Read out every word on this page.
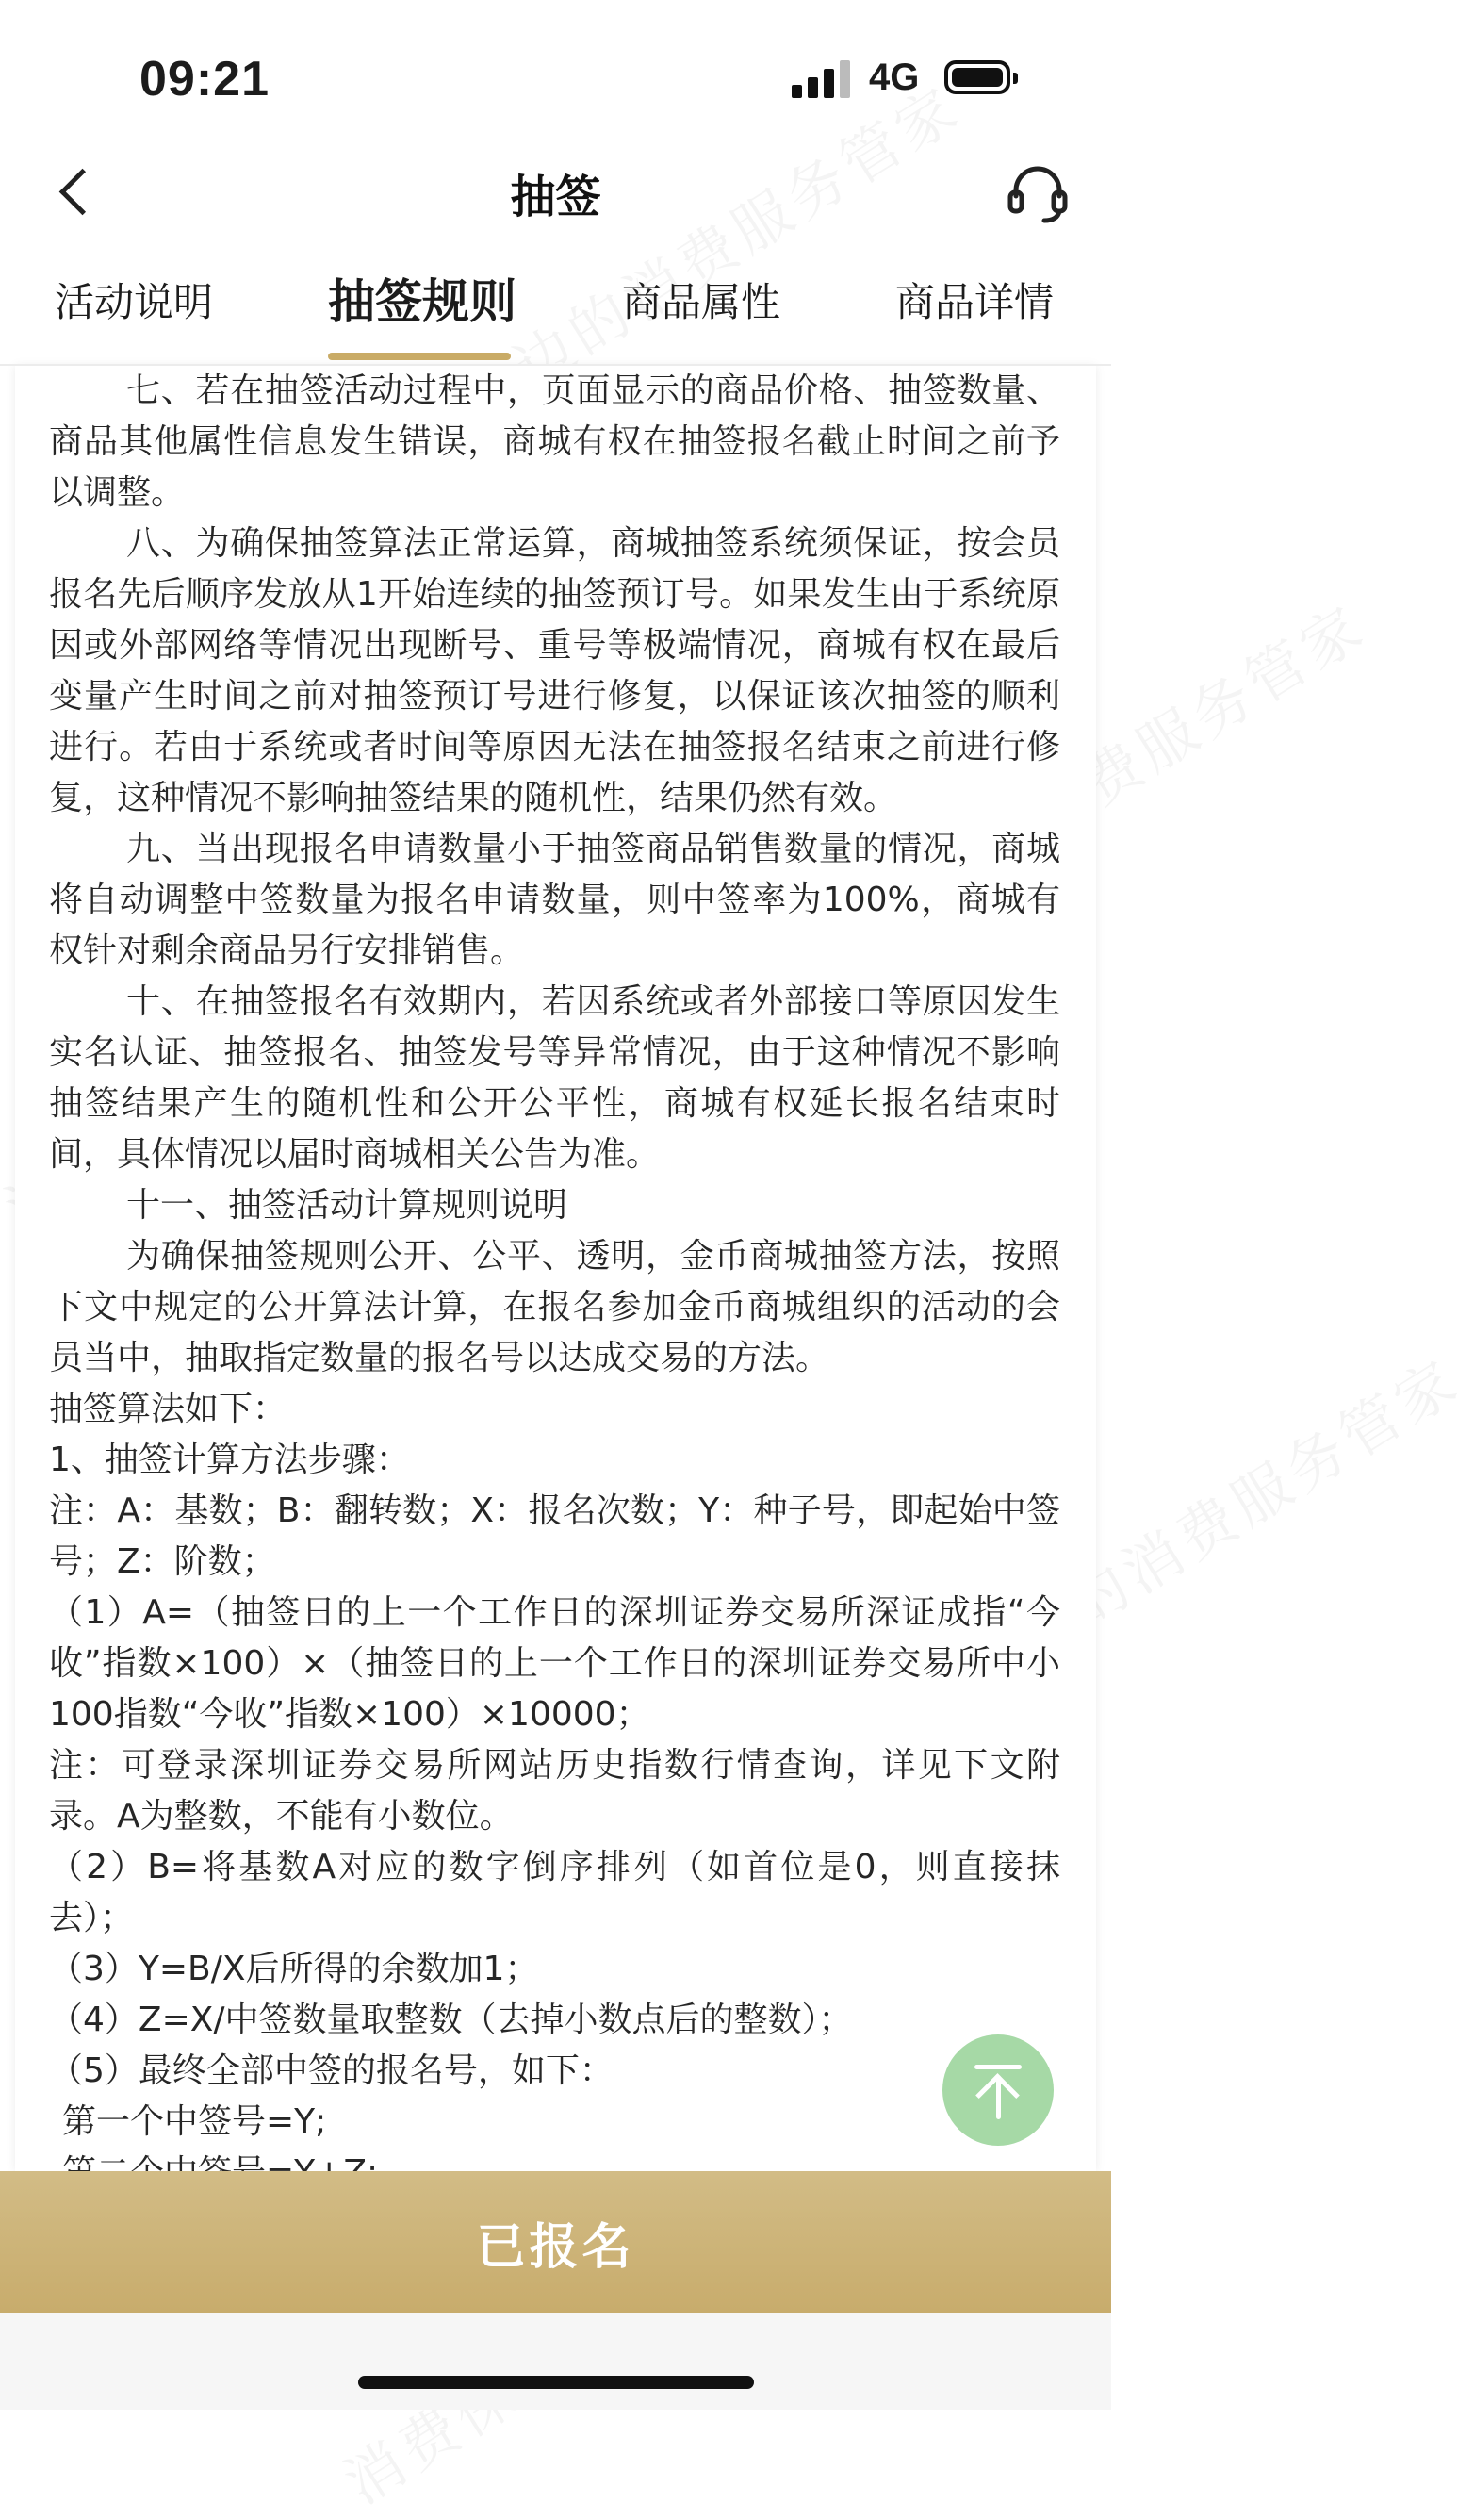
09:21	4G
抽签
活动说明 抽签规则	商品属性	商品详情

七、若在抽签活动过程中，页面显示的商品价格、抽签数量、商品其他属性信息发生错误，商城有权在抽签报名截止时间之前予以调整。

八、为确保抽签算法正常运算，商城抽签系统须保证，按会员报名先后顺序发放从1开始连续的抽签预订号。如果发生由于系统原因或外部网络等情况出现断号、重号等极端情况，商城有权在最后变量产生时间之前对抽签预订号进行修复，以保证该次抽签的顺利进行。若由于系统或者时间等原因无法在抽签报名结束之前进行修复，这种情况不影响抽签结果的随机性，结果仍然有效。

九、当出现报名申请数量小于抽签商品销售数量的情况，商城将自动调整中签数量为报名申请数量，则中签率为100%，商城有权针对剩余商品另行安排销售。

十、在抽签报名有效期内，若因系统或者外部接口等原因发生实名认证、抽签报名、抽签发号等异常情况，由于这种情况不影响抽签结果产生的随机性和公开公平性，商城有权延长报名结束时间，具体情况以届时商城相关公告为准。

十一、抽签活动计算规则说明

为确保抽签规则公开、公平、透明，金币商城抽签方法，按照下文中规定的公开算法计算，在报名参加金币商城组织的活动的会员当中，抽取指定数量的报名号以达成交易的方法。

抽签算法如下：

1、抽签计算方法步骤：

注：A：基数；B：翻转数；X：报名次数；Y：种子号，即起始中签号；Z：阶数；

（1）A=（抽签日的上一个工作日的深圳证券交易所深证成指“今收”指数×100）×（抽签日的上一个工作日的深圳证券交易所中小100指数“今收”指数×100）×10000；

注：可登录深圳证券交易所网站历史指数行情查询，详见下文附录。A为整数，不能有小数位。

（2）B=将基数A对应的数字倒序排列（如首位是0，则直接抹去）；

（3）Y=B/X后所得的余数加1；

（4）Z=X/中签数量取整数（去掉小数点后的整数）；

（5）最终全部中签的报名号，如下：

第一个中签号=Y;

已报名
